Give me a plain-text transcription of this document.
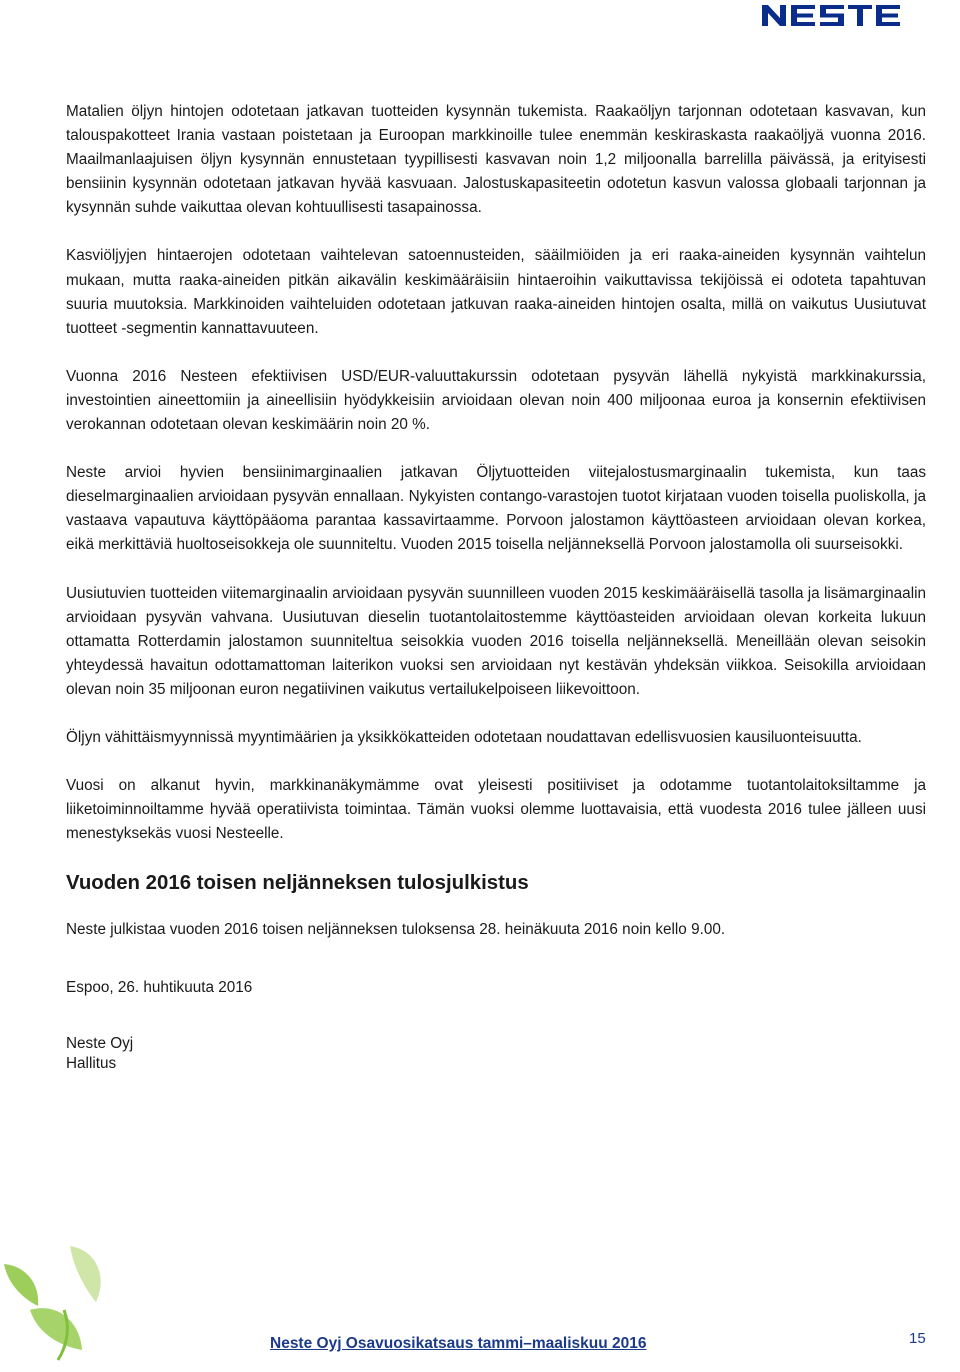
Matalien öljyn hintojen odotetaan jatkavan tuotteiden kysynnän tukemista. Raakaöljyn tarjonnan odotetaan kasvavan, kun talouspakotteet Irania vastaan poistetaan ja Euroopan markkinoille tulee enemmän keskiraskasta raakaöljyä vuonna 2016. Maailmanlaajuisen öljyn kysynnän ennustetaan tyypillisesti kasvavan noin 1,2 miljoonalla barrelilla päivässä, ja erityisesti bensiinin kysynnän odotetaan jatkavan hyvää kasvuaan. Jalostuskapasiteetin odotetun kasvun valossa globaali tarjonnan ja kysynnän suhde vaikuttaa olevan kohtuullisesti tasapainossa.

Kasviöljyjen hintaerojen odotetaan vaihtelevan satoennusteiden, sääilmiöiden ja eri raaka-aineiden kysynnän vaihtelun mukaan, mutta raaka-aineiden pitkän aikavälin keskimääräisiin hintaeroihin vaikuttavissa tekijöissä ei odoteta tapahtuvan suuria muutoksia. Markkinoiden vaihteluiden odotetaan jatkuvan raaka-aineiden hintojen osalta, millä on vaikutus Uusiutuvat tuotteet -segmentin kannattavuuteen.

Vuonna 2016 Nesteen efektiivisen USD/EUR-valuuttakurssin odotetaan pysyvän lähellä nykyistä markkinakurssia, investointien aineettomiin ja aineellisiin hyödykkeisiin arvioidaan olevan noin 400 miljoonaa euroa ja konsernin efektiivisen verokannan odotetaan olevan keskimäärin noin 20 %.

Neste arvioi hyvien bensiinimarginaalien jatkavan Öljytuotteiden viitejalostusmarginaalin tukemista, kun taas dieselmarginaalien arvioidaan pysyvän ennallaan. Nykyisten contango-varastojen tuotot kirjataan vuoden toisella puoliskolla, ja vastaava vapautuva käyttöpääoma parantaa kassavirtaamme. Porvoon jalostamon käyttöasteen arvioidaan olevan korkea, eikä merkittäviä huoltoseisokkeja ole suunniteltu. Vuoden 2015 toisella neljänneksellä Porvoon jalostamolla oli suurseisokki.

Uusiutuvien tuotteiden viitemarginaalin arvioidaan pysyvän suunnilleen vuoden 2015 keskimääräisellä tasolla ja lisämarginaalin arvioidaan pysyvän vahvana. Uusiutuvan dieselin tuotantolaitostemme käyttöasteiden arvioidaan olevan korkeita lukuun ottamatta Rotterdamin jalostamon suunniteltua seisokkia vuoden 2016 toisella neljänneksellä. Meneillään olevan seisokin yhteydessä havaitun odottamattoman laiterikon vuoksi sen arvioidaan nyt kestävän yhdeksän viikkoa. Seisokilla arvioidaan olevan noin 35 miljoonan euron negatiivinen vaikutus vertailukelpoiseen liikevoittoon.

Öljyn vähittäismyynnissä myyntimäärien ja yksikkökatteiden odotetaan noudattavan edellisvuosien kausiluonteisuutta.

Vuosi on alkanut hyvin, markkinanäkymämme ovat yleisesti positiiviset ja odotamme tuotantolaitoksiltamme ja liiketoiminnoiltamme hyvää operatiivista toimintaa. Tämän vuoksi olemme luottavaisia, että vuodesta 2016 tulee jälleen uusi menestyksekäs vuosi Nesteelle.

Vuoden 2016 toisen neljänneksen tulosjulkistus

Neste julkistaa vuoden 2016 toisen neljänneksen tuloksensa 28. heinäkuuta 2016 noin kello 9.00.

Espoo, 26. huhtikuuta 2016

Neste Oyj

Hallitus

Neste Oyj Osavuosikatsaus tammi–maaliskuu 2016	15
